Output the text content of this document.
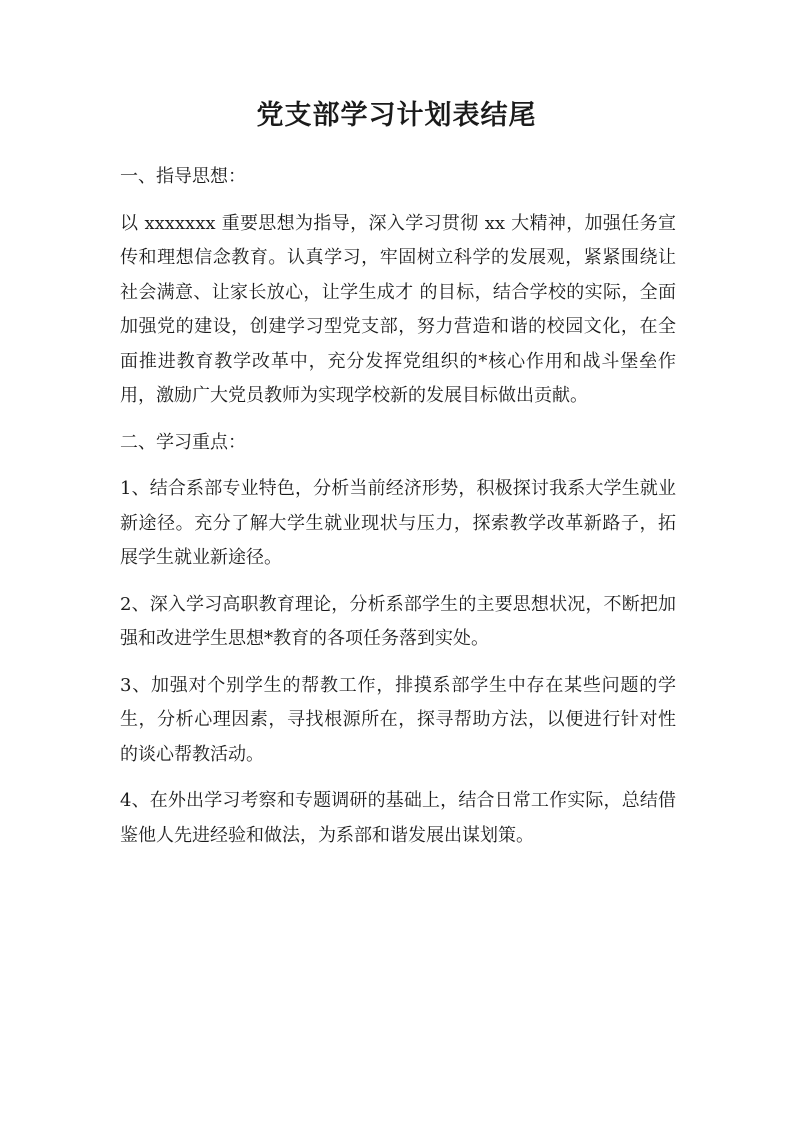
党支部学习计划表结尾

一、指导思想：

以 xxxxxxx 重要思想为指导，深入学习贯彻 xx 大精神，加强任务宣传和理想信念教育。认真学习，牢固树立科学的发展观，紧紧围绕让社会满意、让家长放心，让学生成才 的目标，结合学校的实际，全面加强党的建设，创建学习型党支部，努力营造和谐的校园文化，在全面推进教育教学改革中，充分发挥党组织的*核心作用和战斗堡垒作用，激励广大党员教师为实现学校新的发展目标做出贡献。

二、学习重点：

1、结合系部专业特色，分析当前经济形势，积极探讨我系大学生就业新途径。充分了解大学生就业现状与压力，探索教学改革新路子，拓展学生就业新途径。

2、深入学习高职教育理论，分析系部学生的主要思想状况，不断把加强和改进学生思想*教育的各项任务落到实处。

3、加强对个别学生的帮教工作，排摸系部学生中存在某些问题的学生，分析心理因素，寻找根源所在，探寻帮助方法，以便进行针对性的谈心帮教活动。

4、在外出学习考察和专题调研的基础上，结合日常工作实际，总结借鉴他人先进经验和做法，为系部和谐发展出谋划策。
